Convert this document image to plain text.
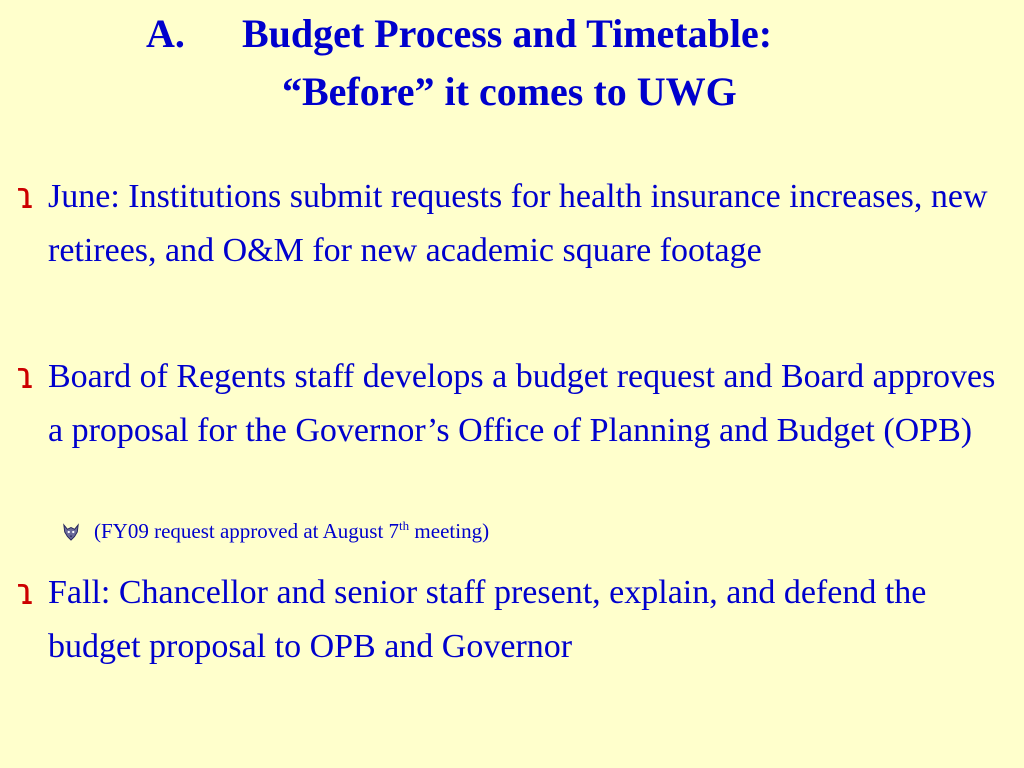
A. Budget Process and Timetable:
“Before” it comes to UWG
ɿ June: Institutions submit requests for health insurance increases, new retirees, and O&M for new academic square footage
ɿ Board of Regents staff develops a budget request and Board approves a proposal for the Governor’s Office of Planning and Budget (OPB)
(FY09 request approved at August 7th meeting)
ɿ Fall: Chancellor and senior staff present, explain, and defend the budget proposal to OPB and Governor
